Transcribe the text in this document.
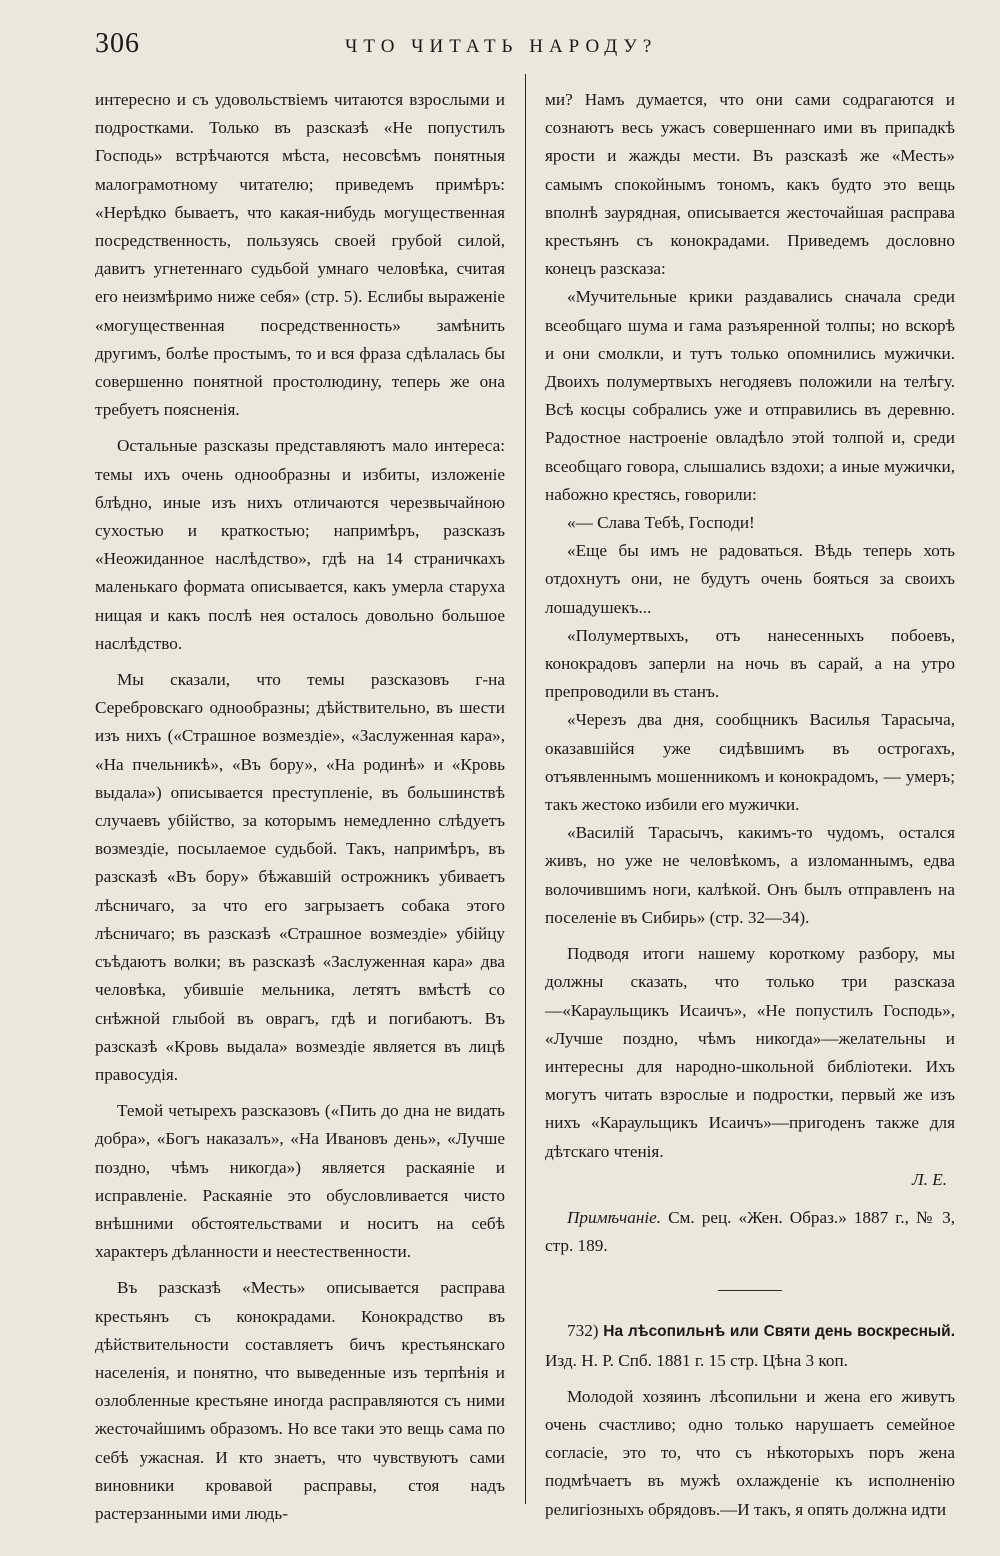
306	ЧТО ЧИТАТЬ НАРОДУ?

интересно и съ удовольствiемъ читаются взрослыми и подростками. Только въ разсказѣ «Не попустилъ Господь» встрѣчаются мѣста, несовсѣмъ понятныя малограмотному читателю; приведемъ примѣръ: «Нерѣдко бываетъ, что какая-нибудь могущественная посредственность, пользуясь своей грубой силой, давитъ угнетеннаго судьбой умнаго человѣка, считая его неизмѣримо ниже себя» (стр. 5). Еслибы выраженiе «могущественная посредственность» замѣнить другимъ, болѣе простымъ, то и вся фраза сдѣлалась бы совершенно понятной простолюдину, теперь же она требуетъ поясненiя.

Остальные разсказы представляютъ мало интереса: темы ихъ очень однообразны и избиты, изложенiе блѣдно, иные изъ нихъ отличаются черезвычайною сухостью и краткостью; напримѣръ, разсказъ «Неожиданное наслѣдство», гдѣ на 14 страничкахъ маленькаго формата описывается, какъ умерла старуха нищая и какъ послѣ нея осталось довольно большое наслѣдство.

Мы сказали, что темы разсказовъ г-на Серебровскаго однообразны; дѣйствительно, въ шести изъ нихъ («Страшное возмездiе», «Заслуженная кара», «На пчельникѣ», «Въ бору», «На родинѣ» и «Кровь выдала») описывается преступленiе, въ большинствѣ случаевъ убiйство, за которымъ немедленно слѣдуетъ возмездiе, посылаемое судьбой. Такъ, напримѣръ, въ разсказѣ «Въ бору» бѣжавшiй острожникъ убиваетъ лѣсничаго, за что его загрызаетъ собака этого лѣсничаго; въ разсказѣ «Страшное возмездiе» убiйцу съѣдаютъ волки; въ разсказѣ «Заслуженная кара» два человѣка, убившiе мельника, летятъ вмѣстѣ со снѣжной глыбой въ оврагъ, гдѣ и погибаютъ. Въ разсказѣ «Кровь выдала» возмездiе является въ лицѣ правосудiя.

Темой четырехъ разсказовъ («Пить до дна не видать добра», «Богъ наказалъ», «На Ивановъ день», «Лучше поздно, чѣмъ никогда») является раскаянiе и исправленiе. Раскаянiе это обусловливается чисто внѣшними обстоятельствами и носитъ на себѣ характеръ дѣланности и неестественности.

Въ разсказѣ «Месть» описывается расправа крестьянъ съ конокрадами. Конокрадство въ дѣйствительности составляетъ бичъ крестьянскаго населенiя, и понятно, что выведенные изъ терпѣнiя и озлобленные крестьяне иногда расправляются съ ними жесточайшимъ образомъ. Но все таки это вещь сама по себѣ ужасная. И кто знаетъ, что чувствуютъ сами виновники кровавой расправы, стоя надъ растерзанными ими людь-

ми? Намъ думается, что они сами содрагаются и сознаютъ весь ужасъ совершеннаго ими въ припадкѣ ярости и жажды мести. Въ разсказѣ же «Месть» самымъ спокойнымъ тономъ, какъ будто это вещь вполнѣ заурядная, описывается жесточайшая расправа крестьянъ съ конокрадами. Приведемъ дословно конецъ разсказа:

«Мучительные крики раздавались сначала среди всеобщаго шума и гама разъяренной толпы; но вскорѣ и они смолкли, и тутъ только опомнились мужички. Двоихъ полумертвыхъ негодяевъ положили на телѣгу. Всѣ косцы собрались уже и отправились въ деревню. Радостное настроенiе овладѣло этой толпой и, среди всеобщаго говора, слышались вздохи; а иные мужички, набожно крестясь, говорили:

«— Слава Тебѣ, Господи!

«Еще бы имъ не радоваться. Вѣдь теперь хоть отдохнутъ они, не будутъ очень бояться за своихъ лошадушекъ...

«Полумертвыхъ, отъ нанесенныхъ побоевъ, конокрадовъ заперли на ночь въ сарай, а на утро препроводили въ станъ.

«Черезъ два дня, сообщникъ Василья Тарасыча, оказавшiйся уже сидѣвшимъ въ острогахъ, отъявленнымъ мошенникомъ и конокрадомъ, — умеръ; такъ жестоко избили его мужички.

«Василiй Тарасычъ, какимъ-то чудомъ, остался живъ, но уже не человѣкомъ, а изломаннымъ, едва волочившимъ ноги, калѣкой. Онъ былъ отправленъ на поселенiе въ Сибирь» (стр. 32—34).

Подводя итоги нашему короткому разбору, мы должны сказать, что только три разсказа—«Караульщикъ Исаичъ», «Не попустилъ Господь», «Лучше поздно, чѣмъ никогда»—желательны и интересны для народно-школьной библiотеки. Ихъ могутъ читать взрослые и подростки, первый же изъ нихъ «Караульщикъ Исаичъ»—пригоденъ также для дѣтскаго чтенiя.

Л. Е.

Примѣчанiе. См. рец. «Жен. Образ.» 1887 г., № 3, стр. 189.

732) На лѣсопильнѣ или Святи день воскресный. Изд. Н. Р. Спб. 1881 г. 15 стр. Цѣна 3 коп.

Молодой хозяинъ лѣсопильни и жена его живутъ очень счастливо; одно только нарушаетъ семейное согласiе, это то, что съ нѣкоторыхъ поръ жена подмѣчаетъ въ мужѣ охлажденiе къ исполненiю религiозныхъ обрядовъ.—И такъ, я опять должна идти
